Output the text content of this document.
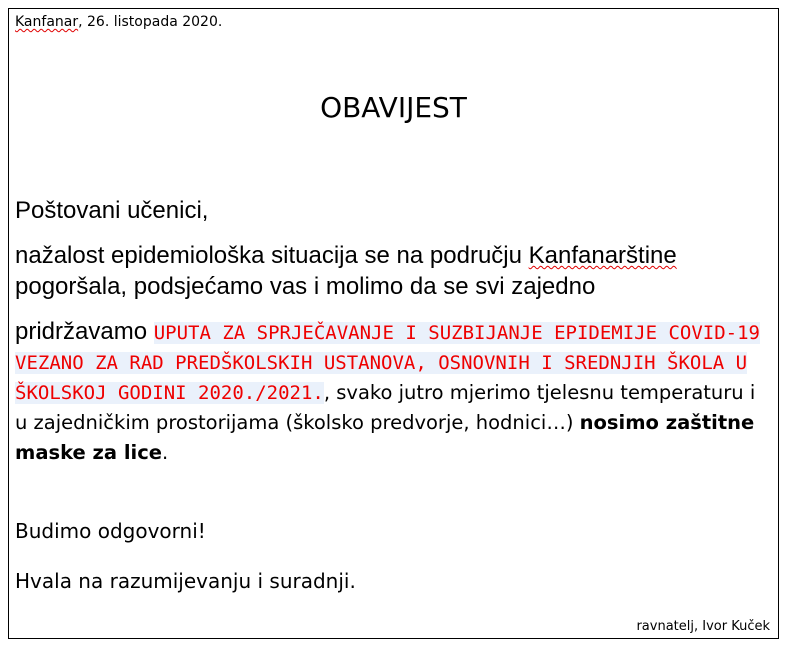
Kanfanar, 26. listopada 2020.
OBAVIJEST
Poštovani učenici,
nažalost epidemiološka situacija se na području Kanfanarštine pogoršala, podsjećamo vas i molimo da se svi zajedno
pridržavamo UPUTA ZA SPRJEČAVANJE I SUZBIJANJE EPIDEMIJE COVID-19 VEZANO ZA RAD PREDŠKOLSKIH USTANOVA, OSNOVNIH I SREDNJIH ŠKOLA U ŠKOLSKOJ GODINI 2020./2021., svako jutro mjerimo tjelesnu temperaturu i u zajedničkim prostorijama (školsko predvorje, hodnici…) nosimo zaštitne maske za lice.
Budimo odgovorni!
Hvala na razumijevanju i suradnji.
ravnatelj, Ivor Kuček
